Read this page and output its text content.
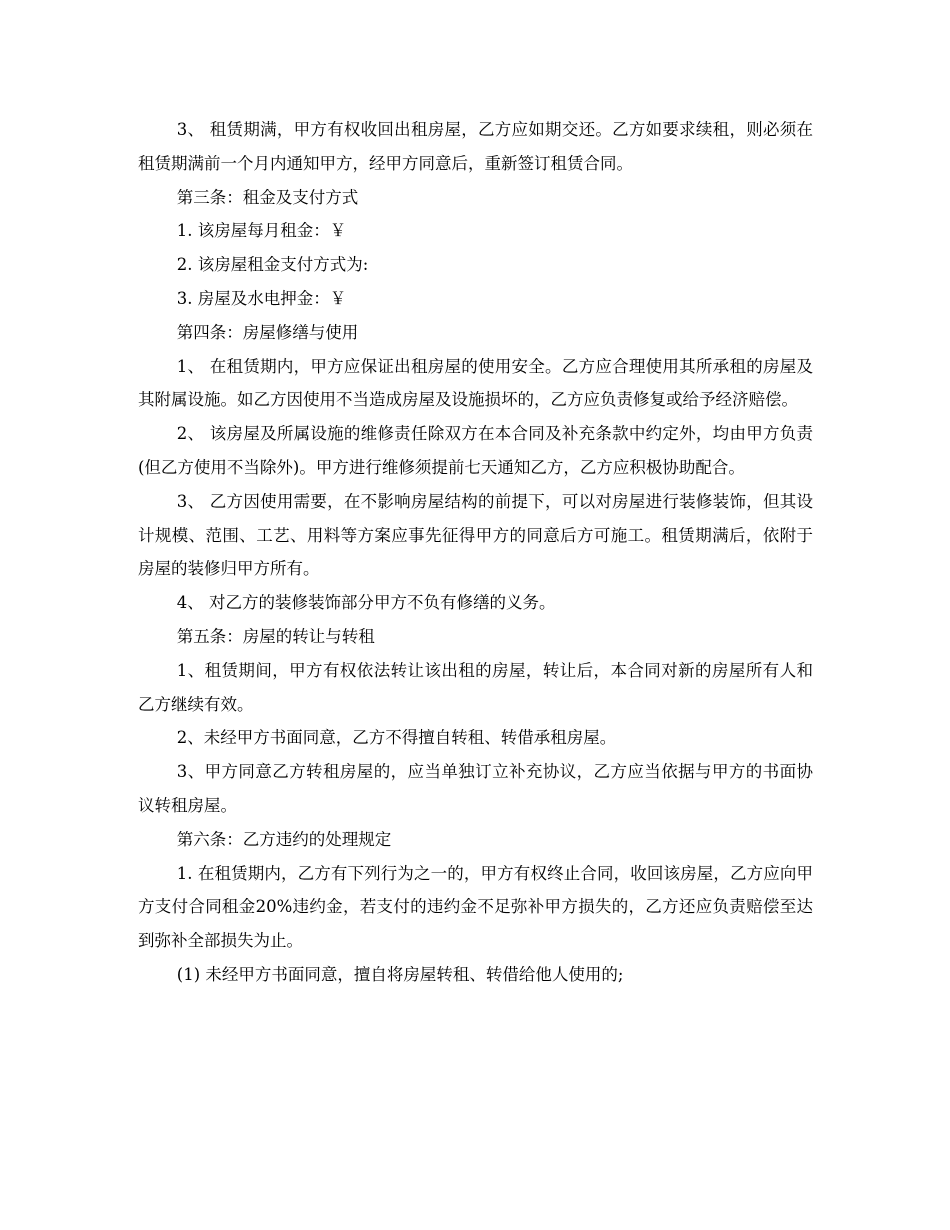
3、 租赁期满，甲方有权收回出租房屋，乙方应如期交还。乙方如要求续租，则必须在租赁期满前一个月内通知甲方，经甲方同意后，重新签订租赁合同。

第三条：租金及支付方式

1. 该房屋每月租金：￥

2. 该房屋租金支付方式为:

3. 房屋及水电押金：￥

第四条：房屋修缮与使用

1、 在租赁期内，甲方应保证出租房屋的使用安全。乙方应合理使用其所承租的房屋及其附属设施。如乙方因使用不当造成房屋及设施损坏的，乙方应负责修复或给予经济赔偿。

2、 该房屋及所属设施的维修责任除双方在本合同及补充条款中约定外，均由甲方负责(但乙方使用不当除外)。甲方进行维修须提前七天通知乙方，乙方应积极协助配合。

3、 乙方因使用需要，在不影响房屋结构的前提下，可以对房屋进行装修装饰，但其设计规模、范围、工艺、用料等方案应事先征得甲方的同意后方可施工。租赁期满后，依附于房屋的装修归甲方所有。

4、 对乙方的装修装饰部分甲方不负有修缮的义务。

第五条：房屋的转让与转租

1、租赁期间，甲方有权依法转让该出租的房屋，转让后，本合同对新的房屋所有人和乙方继续有效。

2、未经甲方书面同意，乙方不得擅自转租、转借承租房屋。

3、甲方同意乙方转租房屋的，应当单独订立补充协议，乙方应当依据与甲方的书面协议转租房屋。

第六条：乙方违约的处理规定

1. 在租赁期内，乙方有下列行为之一的，甲方有权终止合同，收回该房屋，乙方应向甲方支付合同租金20%违约金，若支付的违约金不足弥补甲方损失的，乙方还应负责赔偿至达到弥补全部损失为止。

(1) 未经甲方书面同意，擅自将房屋转租、转借给他人使用的;
